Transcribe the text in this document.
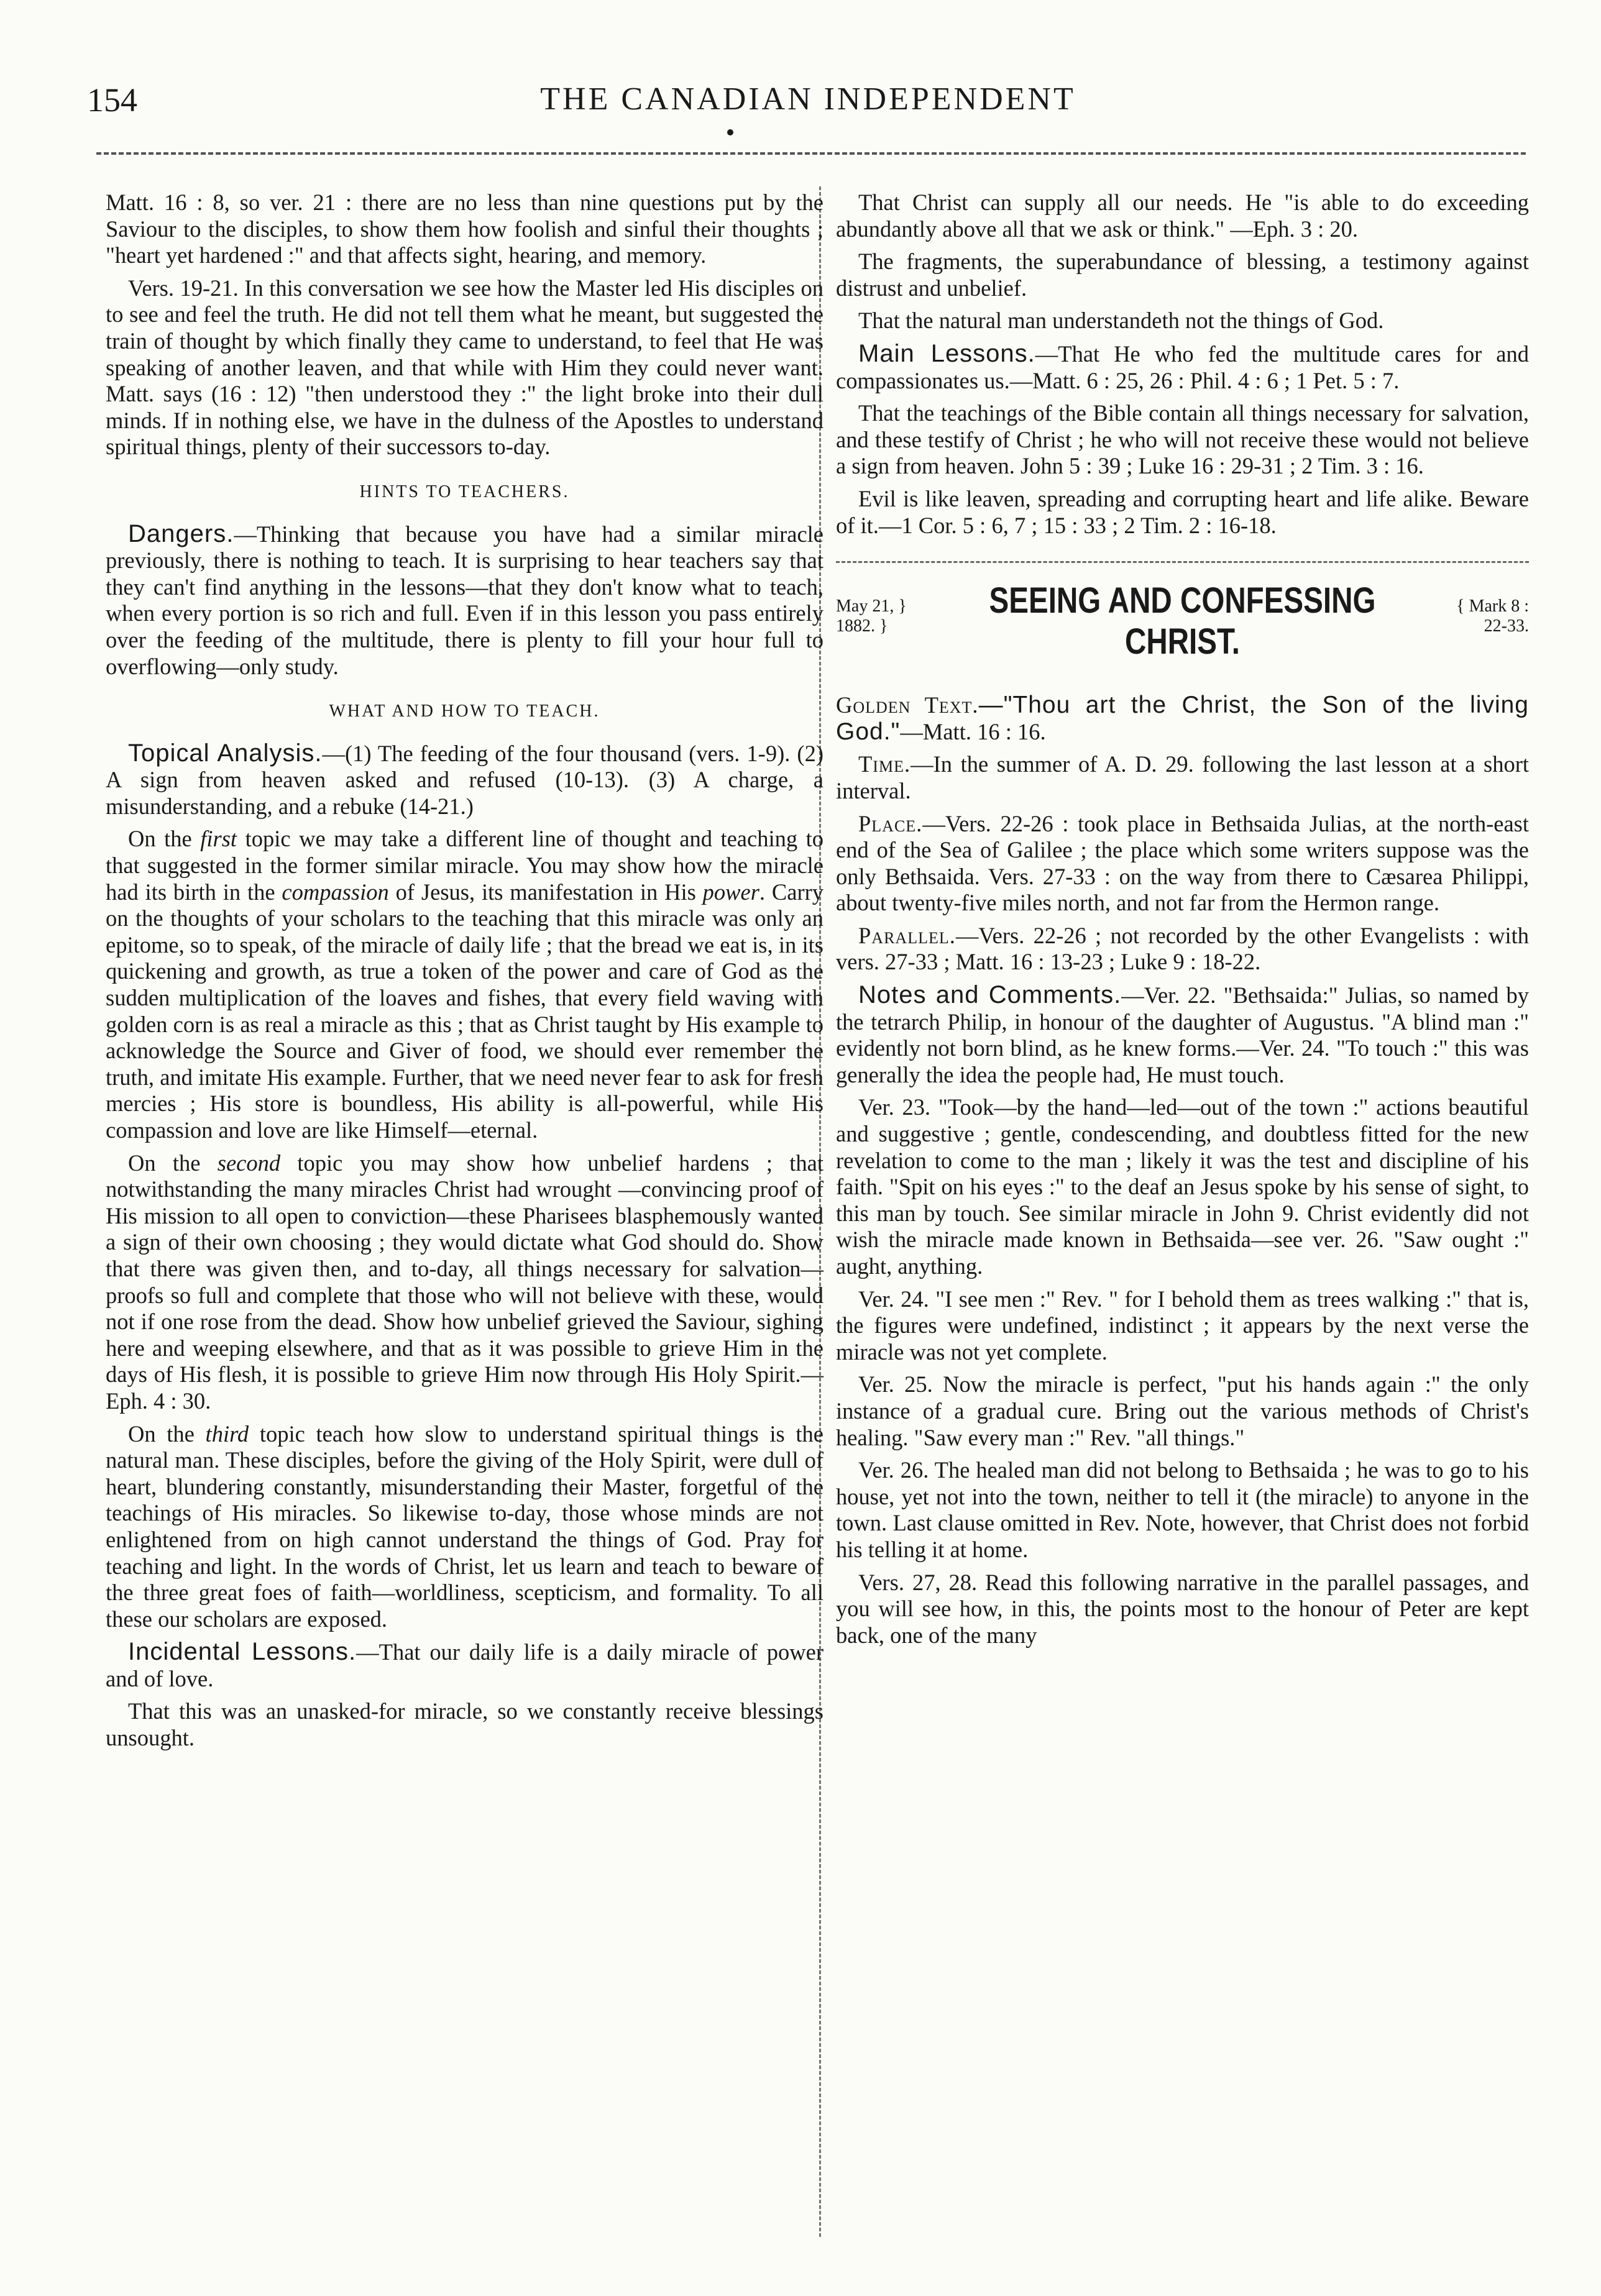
154	THE CANADIAN INDEPENDENT

Matt. 16 : 8, so ver. 21 : there are no less than nine questions put by the Saviour to the disciples, to show them how foolish and sinful their thoughts ; "heart yet hardened :" and that affects sight, hearing, and memory.

Vers. 19-21. In this conversation we see how the Master led His disciples on to see and feel the truth. He did not tell them what he meant, but suggested the train of thought by which finally they came to understand, to feel that He was speaking of another leaven, and that while with Him they could never want. Matt. says (16 : 12) "then understood they :" the light broke into their dull minds. If in nothing else, we have in the dulness of the Apostles to understand spiritual things, plenty of their successors to-day.

HINTS TO TEACHERS.

Dangers.—Thinking that because you have had a similar miracle previously, there is nothing to teach. It is surprising to hear teachers say that they can't find anything in the lessons—that they don't know what to teach, when every portion is so rich and full. Even if in this lesson you pass entirely over the feeding of the multitude, there is plenty to fill your hour full to overflowing—only study.

WHAT AND HOW TO TEACH.

Topical Analysis.—(1) The feeding of the four thousand (vers. 1-9). (2) A sign from heaven asked and refused (10-13). (3) A charge, a misunderstanding, and a rebuke (14-21.)

On the first topic we may take a different line of thought and teaching to that suggested in the former similar miracle. You may show how the miracle had its birth in the compassion of Jesus, its manifestation in His power. Carry on the thoughts of your scholars to the teaching that this miracle was only an epitome, so to speak, of the miracle of daily life ; that the bread we eat is, in its quickening and growth, as true a token of the power and care of God as the sudden multiplication of the loaves and fishes, that every field waving with golden corn is as real a miracle as this ; that as Christ taught by His example to acknowledge the Source and Giver of food, we should ever remember the truth, and imitate His example. Further, that we need never fear to ask for fresh mercies ; His store is boundless, His ability is all-powerful, while His compassion and love are like Himself—eternal.

On the second topic you may show how unbelief hardens ; that notwithstanding the many miracles Christ had wrought —convincing proof of His mission to all open to conviction—these Pharisees blasphemously wanted a sign of their own choosing ; they would dictate what God should do. Show that there was given then, and to-day, all things necessary for salvation—proofs so full and complete that those who will not believe with these, would not if one rose from the dead. Show how unbelief grieved the Saviour, sighing here and weeping elsewhere, and that as it was possible to grieve Him in the days of His flesh, it is possible to grieve Him now through His Holy Spirit.—Eph. 4 : 30.

On the third topic teach how slow to understand spiritual things is the natural man. These disciples, before the giving of the Holy Spirit, were dull of heart, blundering constantly, misunderstanding their Master, forgetful of the teachings of His miracles. So likewise to-day, those whose minds are not enlightened from on high cannot understand the things of God. Pray for teaching and light. In the words of Christ, let us learn and teach to beware of the three great foes of faith—worldliness, scepticism, and formality. To all these our scholars are exposed.

Incidental Lessons.—That our daily life is a daily miracle of power and of love.

That this was an unasked-for miracle, so we constantly receive blessings unsought.

That Christ can supply all our needs. He "is able to do exceeding abundantly above all that we ask or think." —Eph. 3 : 20.

The fragments, the superabundance of blessing, a testimony against distrust and unbelief.

That the natural man understandeth not the things of God.

Main Lessons.—That He who fed the multitude cares for and compassionates us.—Matt. 6 : 25, 26 : Phil. 4 : 6 ; 1 Pet. 5 : 7.

That the teachings of the Bible contain all things necessary for salvation, and these testify of Christ ; he who will not receive these would not believe a sign from heaven. John 5 : 39 ; Luke 16 : 29-31 ; 2 Tim. 3 : 16.

Evil is like leaven, spreading and corrupting heart and life alike. Beware of it.—1 Cor. 5 : 6, 7 ; 15 : 33 ; 2 Tim. 2 : 16-18.

May 21, }
1882. }
SEEING AND CONFESSING
CHRIST.
{ Mark 8 :
22-33.

Golden Text.—"Thou art the Christ, the Son of the living God."—Matt. 16 : 16.

Time.—In the summer of A. D. 29. following the last lesson at a short interval.

Place.—Vers. 22-26 : took place in Bethsaida Julias, at the north-east end of the Sea of Galilee ; the place which some writers suppose was the only Bethsaida. Vers. 27-33 : on the way from there to Cæsarea Philippi, about twenty-five miles north, and not far from the Hermon range.

Parallel.—Vers. 22-26 ; not recorded by the other Evangelists : with vers. 27-33 ; Matt. 16 : 13-23 ; Luke 9 : 18-22.

Notes and Comments.—Ver. 22. "Bethsaida:" Julias, so named by the tetrarch Philip, in honour of the daughter of Augustus. "A blind man :" evidently not born blind, as he knew forms.—Ver. 24. "To touch :" this was generally the idea the people had, He must touch.

Ver. 23. "Took—by the hand—led—out of the town :" actions beautiful and suggestive ; gentle, condescending, and doubtless fitted for the new revelation to come to the man ; likely it was the test and discipline of his faith. "Spit on his eyes :" to the deaf an Jesus spoke by his sense of sight, to this man by touch. See similar miracle in John 9. Christ evidently did not wish the miracle made known in Bethsaida—see ver. 26. "Saw ought :" aught, anything.

Ver. 24. "I see men :" Rev. " for I behold them as trees walking :" that is, the figures were undefined, indistinct ; it appears by the next verse the miracle was not yet complete.

Ver. 25. Now the miracle is perfect, "put his hands again :" the only instance of a gradual cure. Bring out the various methods of Christ's healing. "Saw every man :" Rev. "all things."

Ver. 26. The healed man did not belong to Bethsaida ; he was to go to his house, yet not into the town, neither to tell it (the miracle) to anyone in the town. Last clause omitted in Rev. Note, however, that Christ does not forbid his telling it at home.

Vers. 27, 28. Read this following narrative in the parallel passages, and you will see how, in this, the points most to the honour of Peter are kept back, one of the many
